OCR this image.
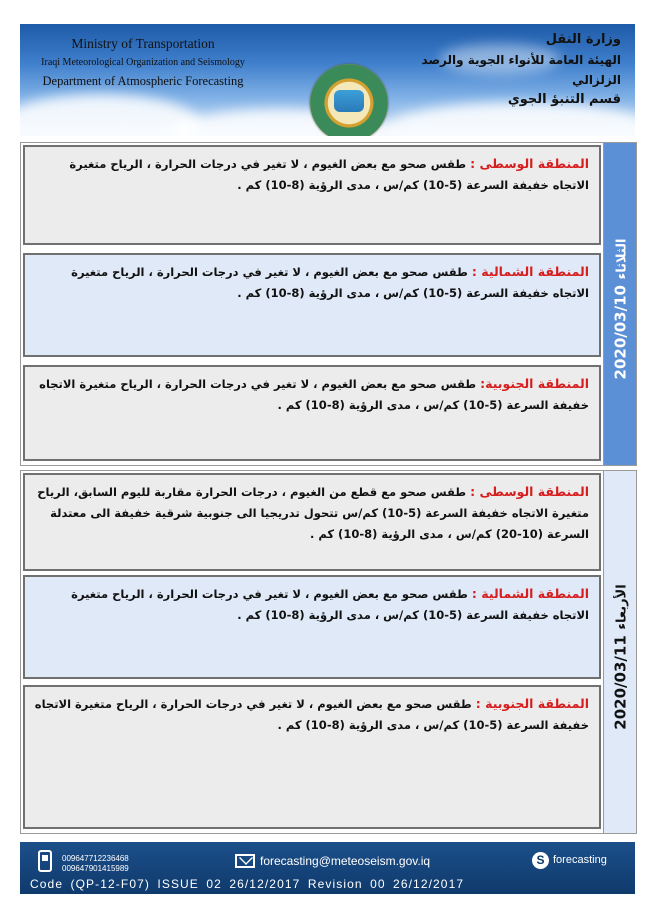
Ministry of Transportation
Iraqi Meteorological Organization and Seismology
Department of Atmospheric Forecasting
وزارة النقل
الهيئة العامة للأنواء الجوية والرصد الزلزالي
قسم التنبؤ الجوي
المنطقة الوسطى : طقس صحو مع بعض الغيوم ، لا تغير في درجات الحرارة ، الرياح متغيرة الاتجاه خفيفة السرعة (5-10) كم/س ، مدى الرؤية (8-10) كم .
المنطقة الشمالية : طقس صحو مع بعض الغيوم ، لا تغير في درجات الحرارة ، الرياح متغيرة الاتجاه خفيفة السرعة (5-10) كم/س ، مدى الرؤية (8-10) كم .
المنطقة الجنوبية: طقس صحو مع بعض الغيوم ، لا تغير في درجات الحرارة ، الرياح متغيرة الاتجاه خفيفة السرعة (5-10) كم/س ، مدى الرؤية (8-10) كم .
2020/03/10 الثلاثاء
المنطقة الوسطى : طقس صحو مع قطع من الغيوم ، درجات الحرارة مقاربة لليوم السابق، الرياح متغيرة الاتجاه خفيفة السرعة (5-10) كم/س تتحول تدريجيا الى جنوبية شرقية خفيفة الى معتدلة السرعة (10-20) كم/س ، مدى الرؤية (8-10) كم .
المنطقة الشمالية : طقس صحو مع بعض الغيوم ، لا تغير في درجات الحرارة ، الرياح متغيرة الاتجاه خفيفة السرعة (5-10) كم/س ، مدى الرؤية (8-10) كم .
المنطقة الجنوبية : طقس صحو مع بعض الغيوم ، لا تغير في درجات الحرارة ، الرياح متغيرة الاتجاه خفيفة السرعة (5-10) كم/س ، مدى الرؤية (8-10) كم .	2020/03/11 الأربعاء
009647712236468
009647901415989
forecasting@meteoseism.gov.iq	S forecasting
Code (QP-12-F07) ISSUE 02 26/12/2017 Revision 00 26/12/2017
